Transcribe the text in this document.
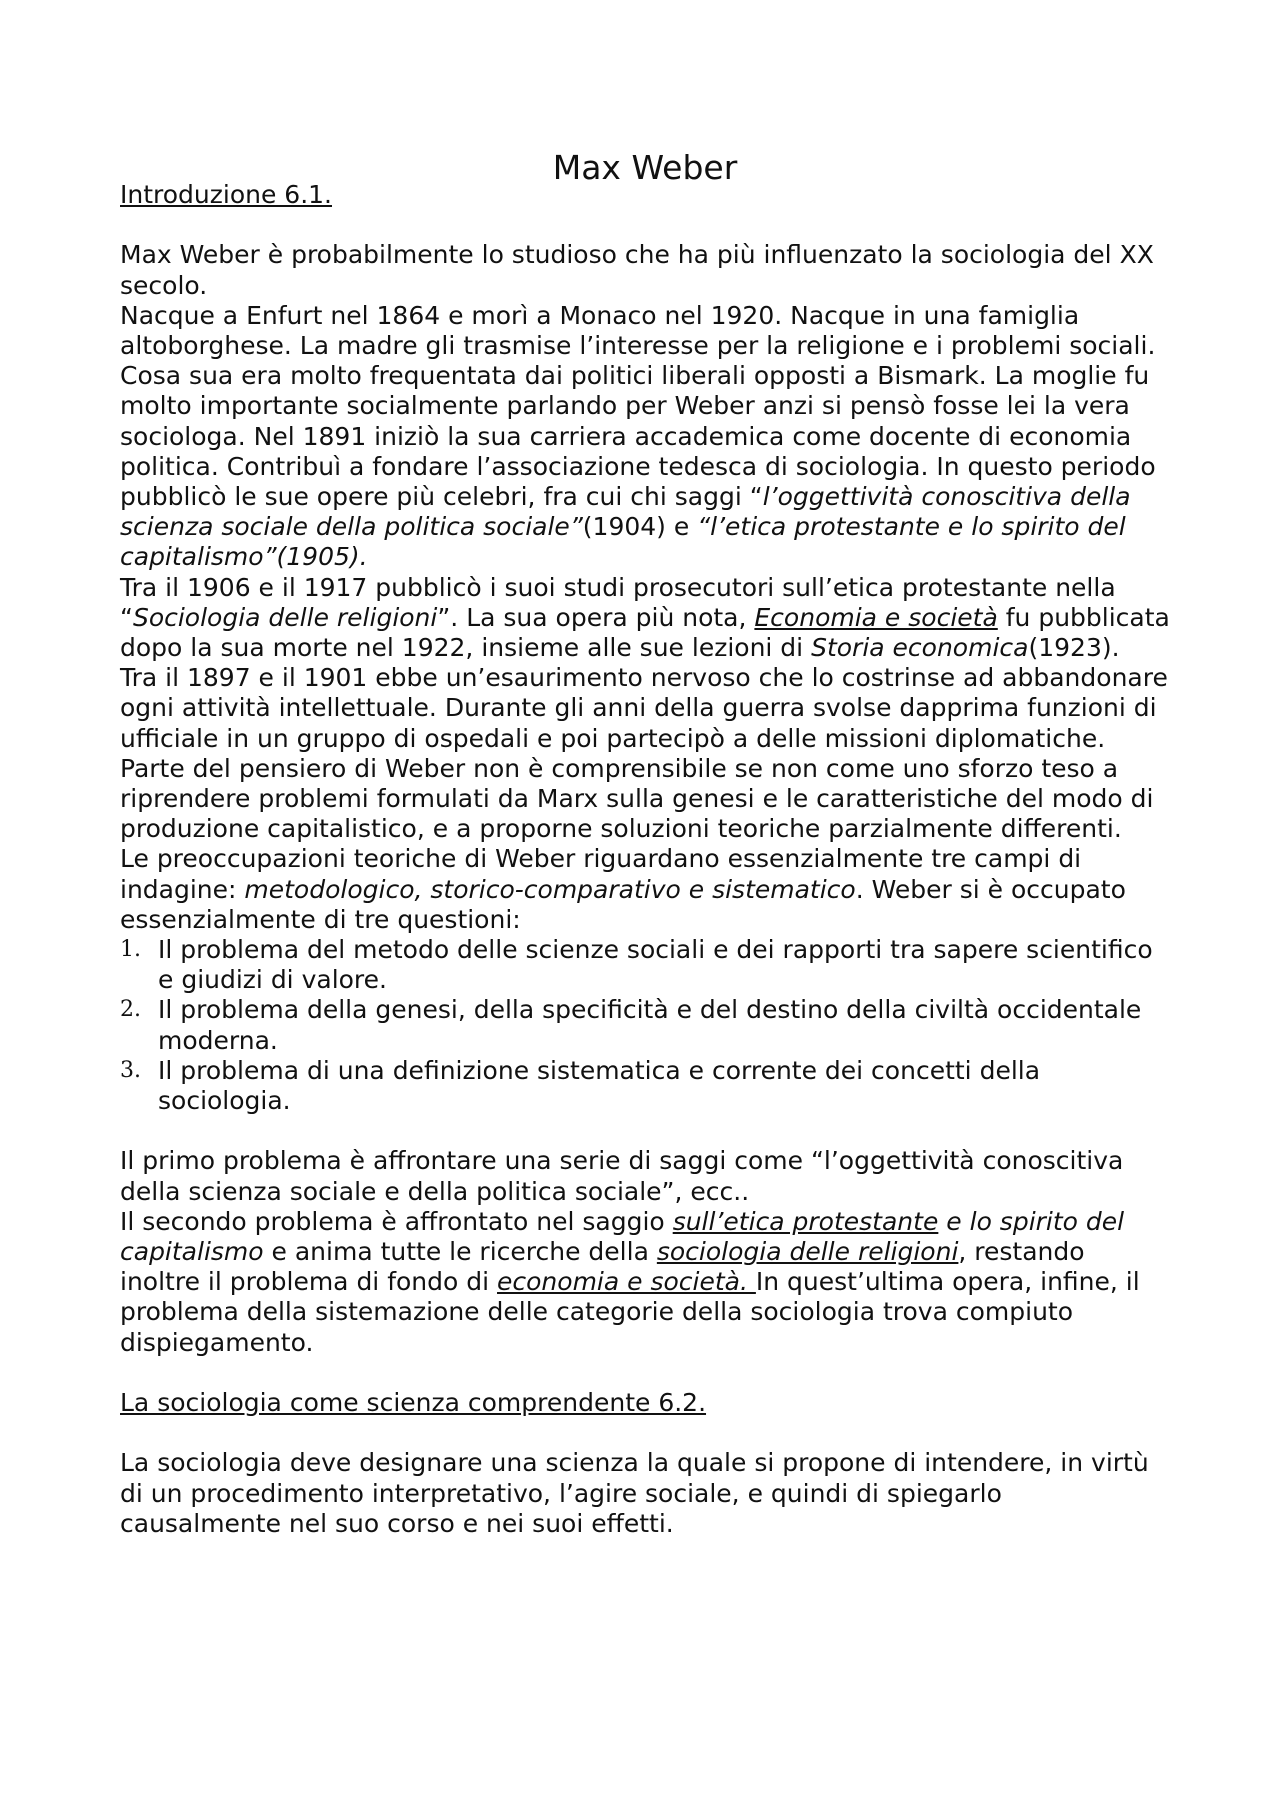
Max Weber
Introduzione 6.1.

Max Weber è probabilmente lo studioso che ha più influenzato la sociologia del XX secolo.

Nacque a Enfurt nel 1864 e morì a Monaco nel 1920. Nacque in una famiglia altoborghese. La madre gli trasmise l’interesse per la religione e i problemi sociali. Cosa sua era molto frequentata dai politici liberali opposti a Bismark. La moglie fu molto importante socialmente parlando per Weber anzi si pensò fosse lei la vera sociologa. Nel 1891 iniziò la sua carriera accademica come docente di economia politica. Contribuì a fondare l’associazione tedesca di sociologia. In questo periodo pubblicò le sue opere più celebri, fra cui chi saggi “l’oggettività conoscitiva della scienza sociale della politica sociale”(1904) e “l’etica protestante e lo spirito del capitalismo”(1905).

Tra il 1906 e il 1917 pubblicò i suoi studi prosecutori sull’etica protestante nella “Sociologia delle religioni”. La sua opera più nota, Economia e società fu pubblicata dopo la sua morte nel 1922, insieme alle sue lezioni di Storia economica(1923).

Tra il 1897 e il 1901 ebbe un’esaurimento nervoso che lo costrinse ad abbandonare ogni attività intellettuale. Durante gli anni della guerra svolse dapprima funzioni di ufficiale in un gruppo di ospedali e poi partecipò a delle missioni diplomatiche.

Parte del pensiero di Weber non è comprensibile se non come uno sforzo teso a riprendere problemi formulati da Marx sulla genesi e le caratteristiche del modo di produzione capitalistico, e a proporne soluzioni teoriche parzialmente differenti.

Le preoccupazioni teoriche di Weber riguardano essenzialmente tre campi di indagine: metodologico, storico-comparativo e sistematico. Weber si è occupato essenzialmente di tre questioni:

Il problema del metodo delle scienze sociali e dei rapporti tra sapere scientifico e giudizi di valore.
Il problema della genesi, della specificità e del destino della civiltà occidentale moderna.
Il problema di una definizione sistematica e corrente dei concetti della sociologia.

Il primo problema è affrontare una serie di saggi come “l’oggettività conoscitiva della scienza sociale e della politica sociale”, ecc..

Il secondo problema è affrontato nel saggio sull’etica protestante e lo spirito del capitalismo e anima tutte le ricerche della sociologia delle religioni, restando inoltre il problema di fondo di economia e società. In quest’ultima opera, infine, il problema della sistemazione delle categorie della sociologia trova compiuto dispiegamento.

La sociologia come scienza comprendente 6.2.

La sociologia deve designare una scienza la quale si propone di intendere, in virtù di un procedimento interpretativo, l’agire sociale, e quindi di spiegarlo causalmente nel suo corso e nei suoi effetti.
